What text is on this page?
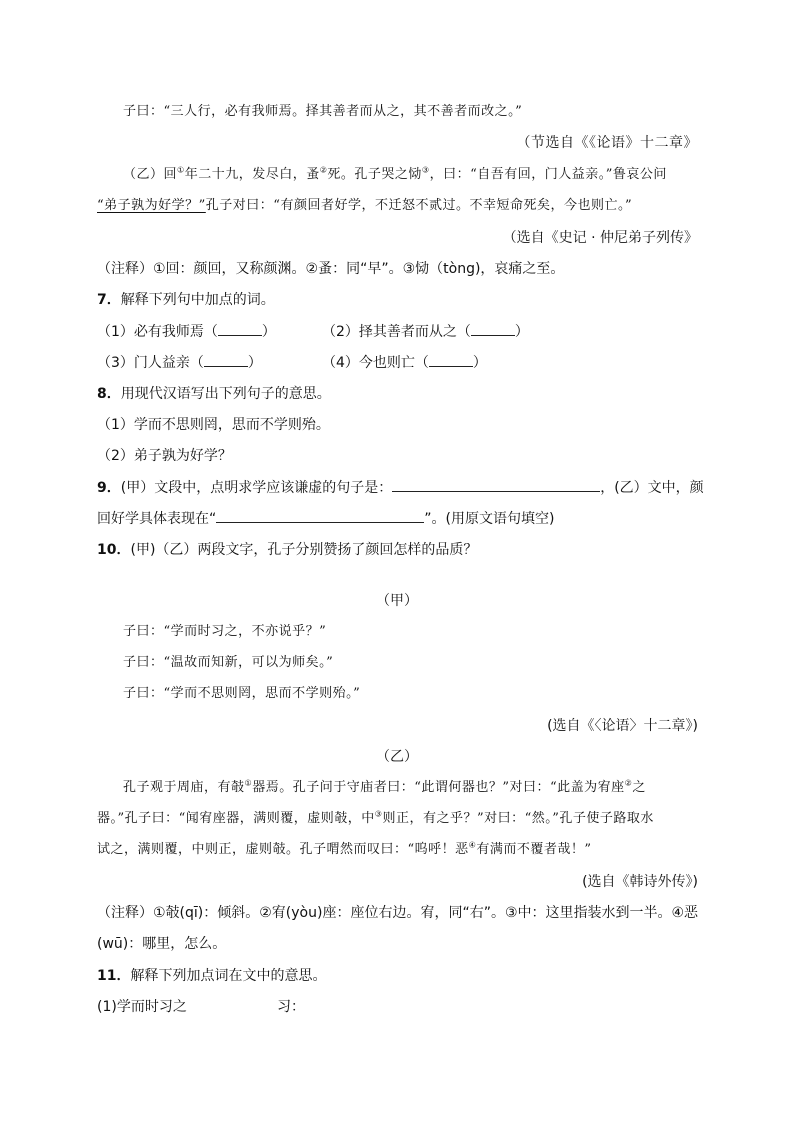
子曰：“三人行，必有我师焉。择其善者而从之，其不善者而改之。”
（节选自《《论语》十二章》
（乙）回①年二十九，发尽白，蚤②死。孔子哭之恸③，曰：“自吾有回，门人益亲。”鲁哀公问
“弟子孰为好学？”孔子对曰：“有颜回者好学，不迁怒不贰过。不幸短命死矣，今也则亡。”
（选自《史记 · 仲尼弟子列传》
（注释）①回：颜回，又称颜渊。②蚤：同“早”。③恸（tòng)，哀痛之至。
7．解释下列句中加点的词。
（1）必有我师焉（	）	（2）择其善者而从之（	）
（3）门人益亲（	）	（4）今也则亡（	）
8．用现代汉语写出下列句子的意思。
（1）学而不思则罔，思而不学则殆。
（2）弟子孰为好学？
9．(甲）文段中，点明求学应该谦虚的句子是：	，(乙）文中，颜
回好学具体表现在“	”。(用原文语句填空)
10．(甲)（乙）两段文字，孔子分别赞扬了颜回怎样的品质？
（甲）
子曰：“学而时习之，不亦说乎？”
子曰：“温故而知新，可以为师矣。”
子曰：“学而不思则罔，思而不学则殆。”
(选自《〈论语〉十二章》)
（乙）
孔子观于周庙，有攲①器焉。孔子问于守庙者曰：“此谓何器也？”对曰：“此盖为宥座②之
器。”孔子曰：“闻宥座器，满则覆，虚则攲，中③则正，有之乎？”对曰：“然。”孔子使子路取水
试之，满则覆，中则正，虚则攲。孔子喟然而叹曰：“呜呼！恶④有满而不覆者哉！”
(选自《韩诗外传》)
（注释）①攲(qī)：倾斜。②宥(yòu)座：座位右边。宥，同“右”。③中：这里指装水到一半。④恶
(wū)：哪里，怎么。
11．解释下列加点词在文中的意思。
(1)学而时习之	习：
